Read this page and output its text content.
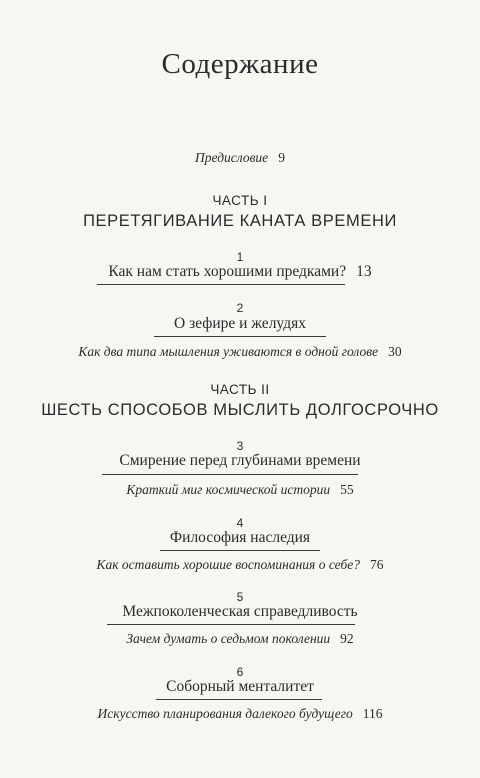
Содержание
Предисловие 9
ЧАСТЬ I
ПЕРЕТЯГИВАНИЕ КАНАТА ВРЕМЕНИ
1
Как нам стать хорошими предками? 13
2
О зефире и желудях
Как два типа мышления уживаются в одной голове 30
ЧАСТЬ II
ШЕСТЬ СПОСОБОВ МЫСЛИТЬ ДОЛГОСРОЧНО
3
Смирение перед глубинами времени
Краткий миг космической истории 55
4
Философия наследия
Как оставить хорошие воспоминания о себе? 76
5
Межпоколенческая справедливость
Зачем думать о седьмом поколении 92
6
Соборный менталитет
Искусство планирования далекого будущего 116
